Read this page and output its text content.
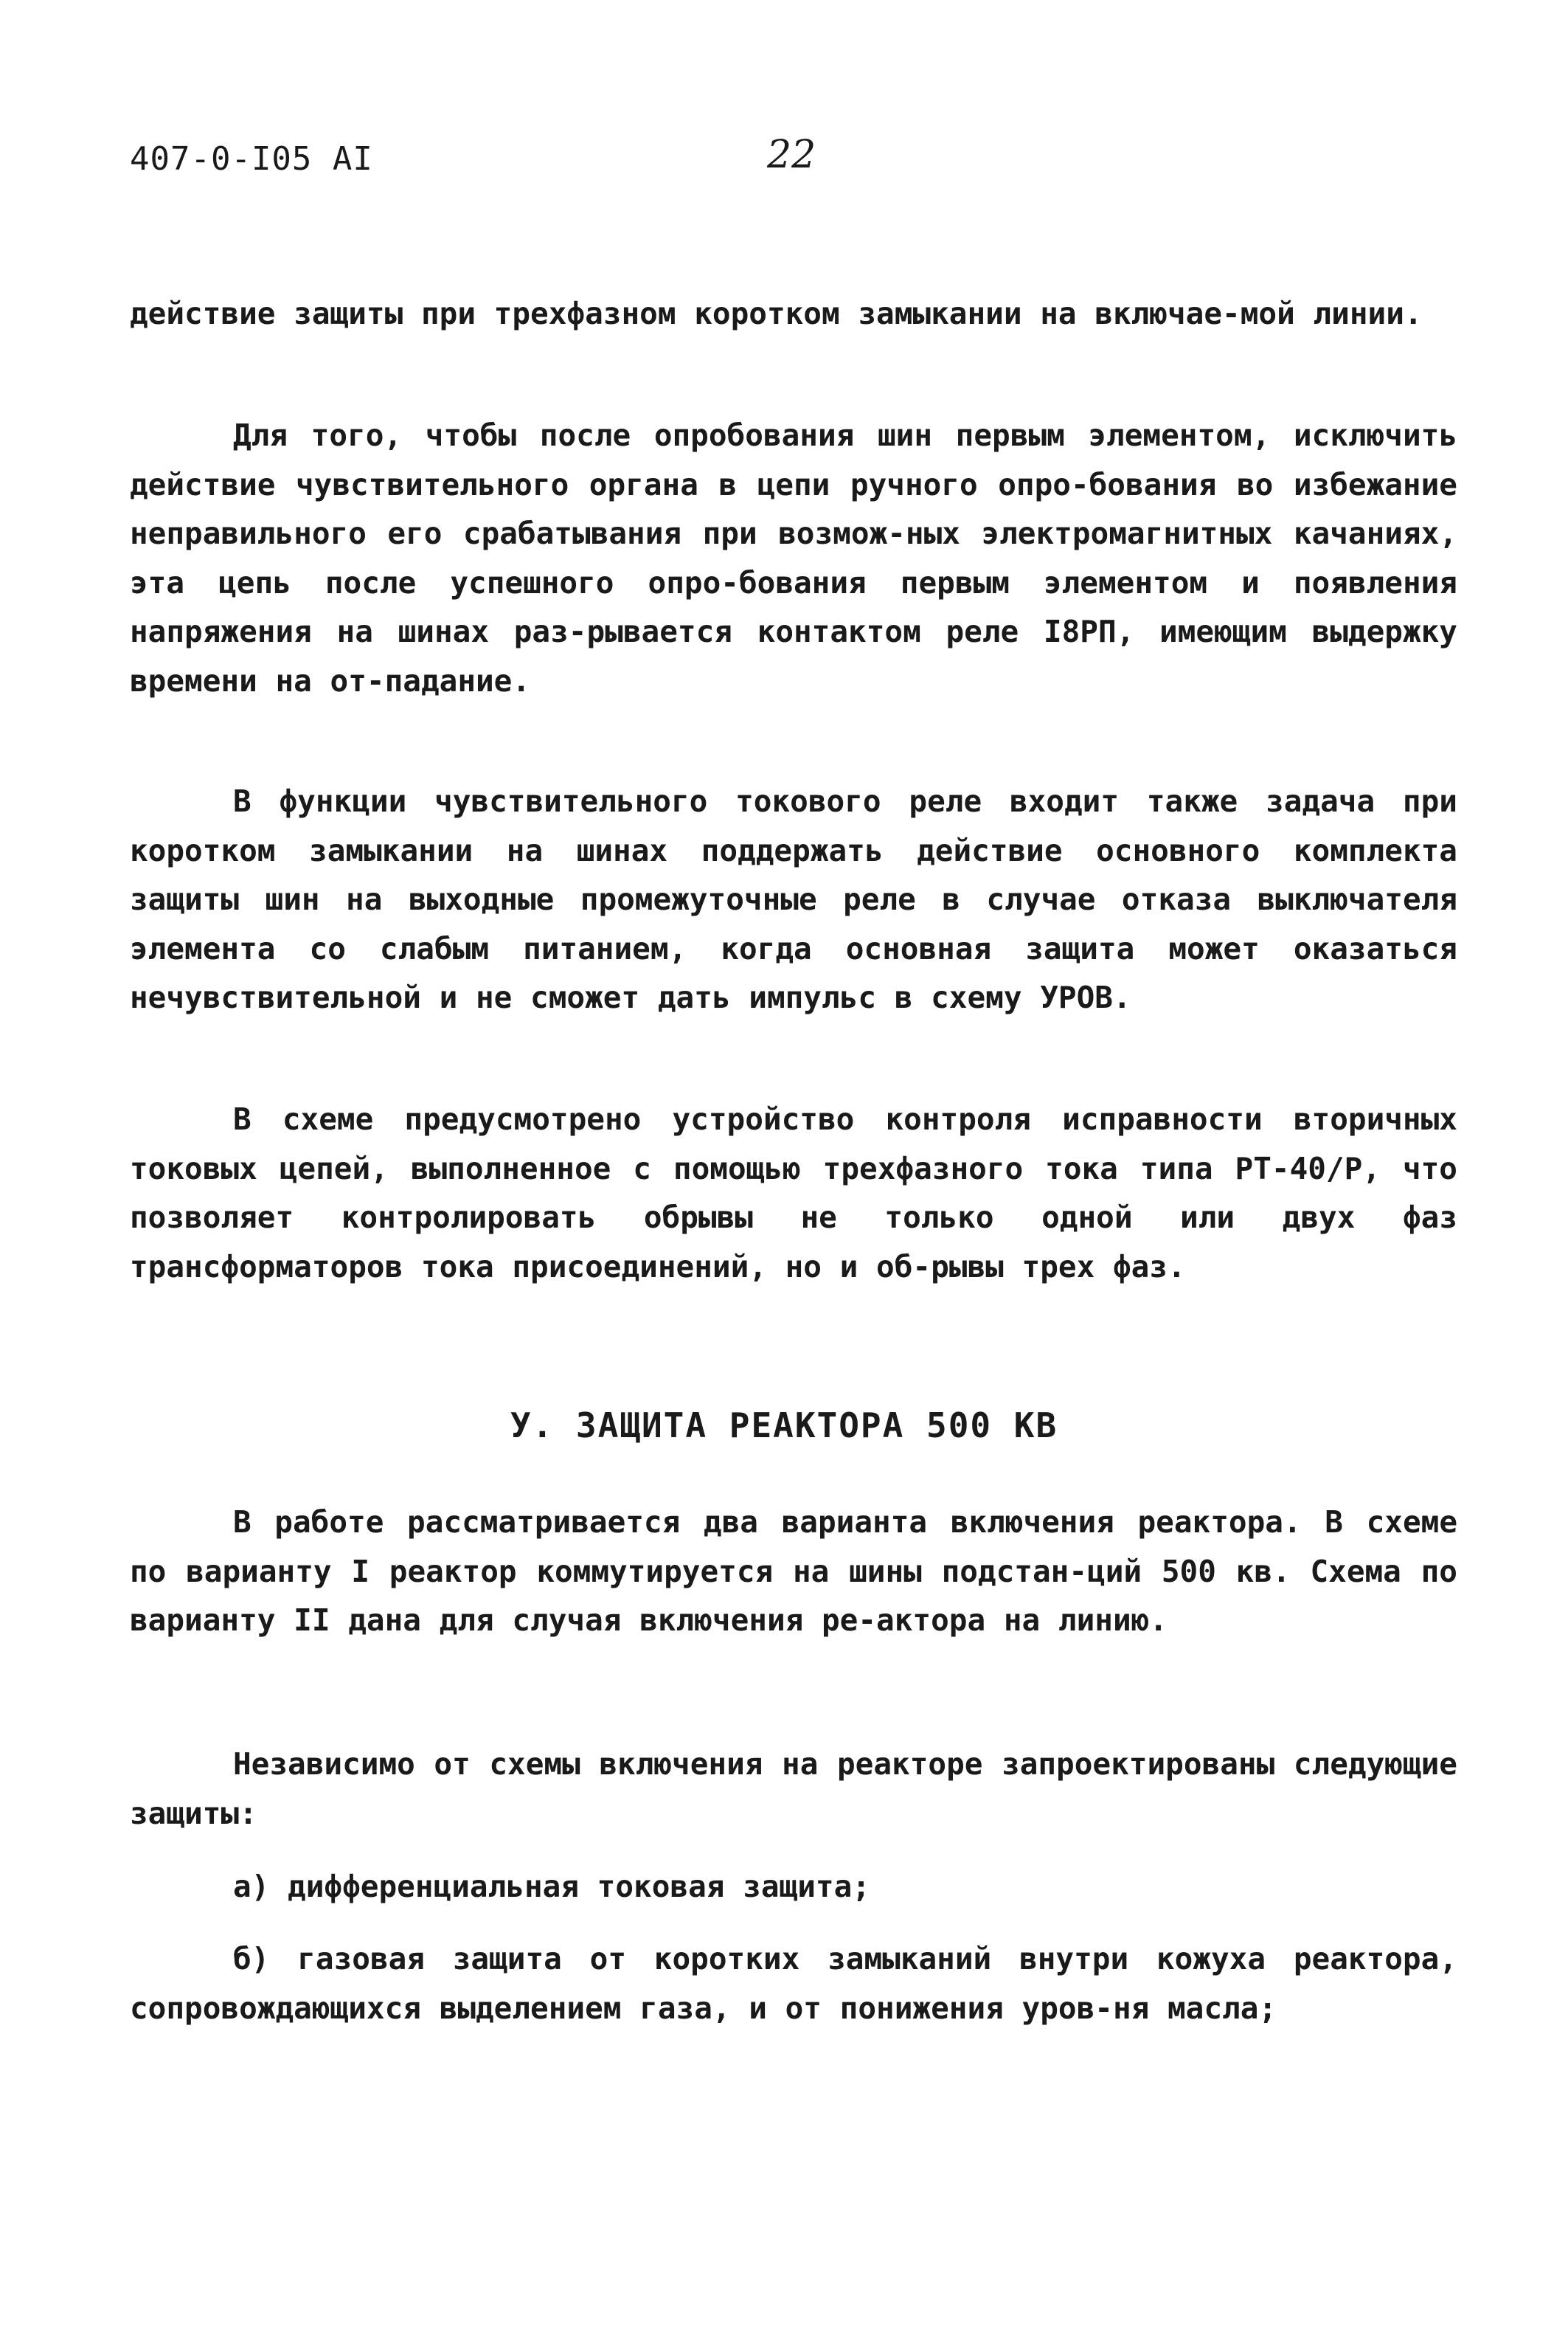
407-0-I05 AI	22
действие защиты при трехфазном коротком замыкании на включае-мой линии.
Для того, чтобы после опробования шин первым элементом, исключить действие чувствительного органа в цепи ручного опро-бования во избежание неправильного его срабатывания при возмож-ных электромагнитных качаниях, эта цепь после успешного опро-бования первым элементом и появления напряжения на шинах раз-рывается контактом реле I8РП, имеющим выдержку времени на от-падание.
В функции чувствительного токового реле входит также задача при коротком замыкании на шинах поддержать действие основного комплекта защиты шин на выходные промежуточные реле в случае отказа выключателя элемента со слабым питанием, когда основная защита может оказаться нечувствительной и не сможет дать импульс в схему УРОВ.
В схеме предусмотрено устройство контроля исправности вторичных токовых цепей, выполненное с помощью трехфазного тока типа РТ-40/Р, что позволяет контролировать обрывы не только одной или двух фаз трансформаторов тока присоединений, но и об-рывы трех фаз.
У. ЗАЩИТА РЕАКТОРА 500 КВ
В работе рассматривается два варианта включения реактора. В схеме по варианту I реактор коммутируется на шины подстан-ций 500 кв. Схема по варианту II дана для случая включения ре-актора на линию.
Независимо от схемы включения на реакторе запроектированы следующие защиты:
а) дифференциальная токовая защита;
б) газовая защита от коротких замыканий внутри кожуха реактора, сопровождающихся выделением газа, и от понижения уров-ня масла;
